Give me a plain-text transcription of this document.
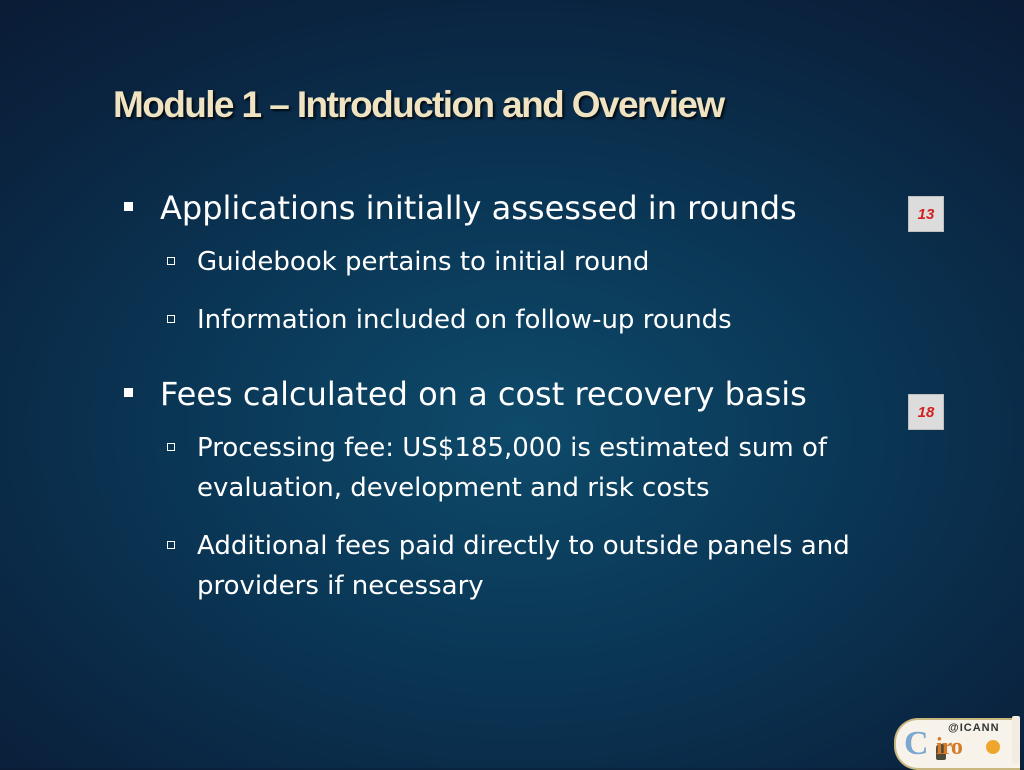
Module 1 – Introduction and Overview
Applications initially assessed in rounds
Guidebook pertains to initial round
Information included on follow-up rounds
Fees calculated on a cost recovery basis
Processing fee: US$185,000 is estimated sum of evaluation, development and risk costs
Additional fees paid directly to outside panels and providers if necessary
13
18
C
iro
@ICANN
